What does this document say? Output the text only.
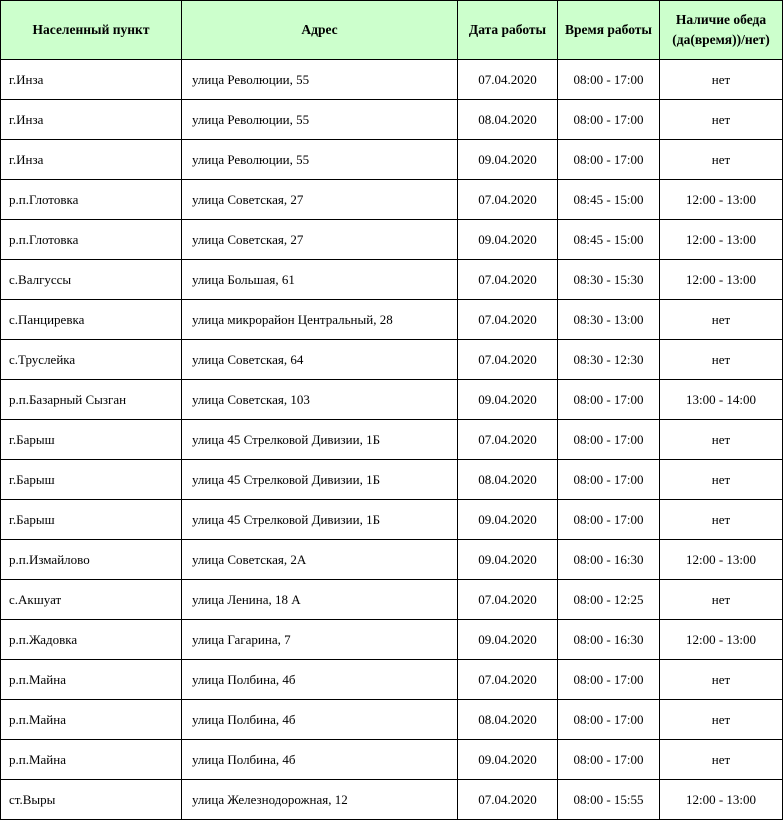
Населенный пункт	Адрес	Дата работы	Время работы	Наличие обеда (да(время))/нет)
г.Инза	улица Революции, 55	07.04.2020	08:00 - 17:00	нет
г.Инза	улица Революции, 55	08.04.2020	08:00 - 17:00	нет
г.Инза	улица Революции, 55	09.04.2020	08:00 - 17:00	нет
р.п.Глотовка	улица Советская, 27	07.04.2020	08:45 - 15:00	12:00 - 13:00
р.п.Глотовка	улица Советская, 27	09.04.2020	08:45 - 15:00	12:00 - 13:00
с.Валгуссы	улица Большая, 61	07.04.2020	08:30 - 15:30	12:00 - 13:00
с.Панциревка	улица микрорайон Центральный, 28	07.04.2020	08:30 - 13:00	нет
с.Труслейка	улица Советская, 64	07.04.2020	08:30 - 12:30	нет
р.п.Базарный Сызган	улица Советская, 103	09.04.2020	08:00 - 17:00	13:00 - 14:00
г.Барыш	улица 45 Стрелковой Дивизии, 1Б	07.04.2020	08:00 - 17:00	нет
г.Барыш	улица 45 Стрелковой Дивизии, 1Б	08.04.2020	08:00 - 17:00	нет
г.Барыш	улица 45 Стрелковой Дивизии, 1Б	09.04.2020	08:00 - 17:00	нет
р.п.Измайлово	улица Советская, 2А	09.04.2020	08:00 - 16:30	12:00 - 13:00
с.Акшуат	улица Ленина, 18 А	07.04.2020	08:00 - 12:25	нет
р.п.Жадовка	улица Гагарина, 7	09.04.2020	08:00 - 16:30	12:00 - 13:00
р.п.Майна	улица Полбина, 4б	07.04.2020	08:00 - 17:00	нет
р.п.Майна	улица Полбина, 4б	08.04.2020	08:00 - 17:00	нет
р.п.Майна	улица Полбина, 4б	09.04.2020	08:00 - 17:00	нет
ст.Выры	улица Железнодорожная, 12	07.04.2020	08:00 - 15:55	12:00 - 13:00
